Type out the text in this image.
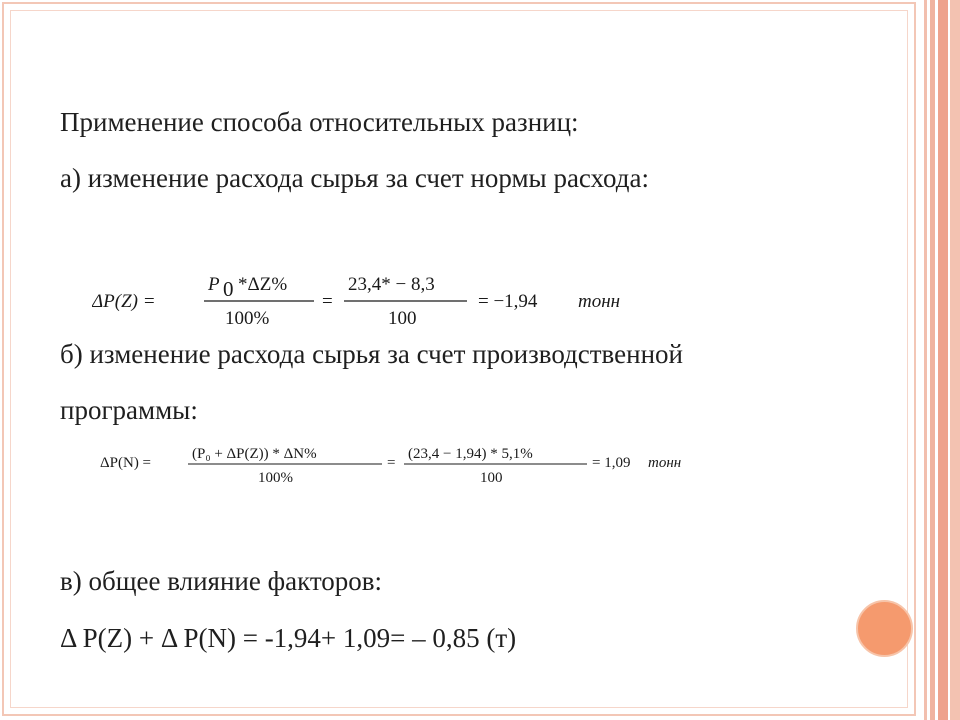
Применение способа относительных разниц:
а) изменение расхода сырья за счет нормы расхода:
ΔP(Z) =
P 0 *ΔZ%
100%
=
23,4* − 8,3
100
= −1,94 тонн
б) изменение расхода сырья за счет производственной
программы:
ΔP(N) =
(P₀ + ΔP(Z)) * ΔN%
100%
=
(23,4 − 1,94) * 5,1%
100
= 1,09 тонн
в) общее влияние факторов:
Δ P(Z) + Δ P(N) = -1,94+ 1,09= – 0,85 (т)
